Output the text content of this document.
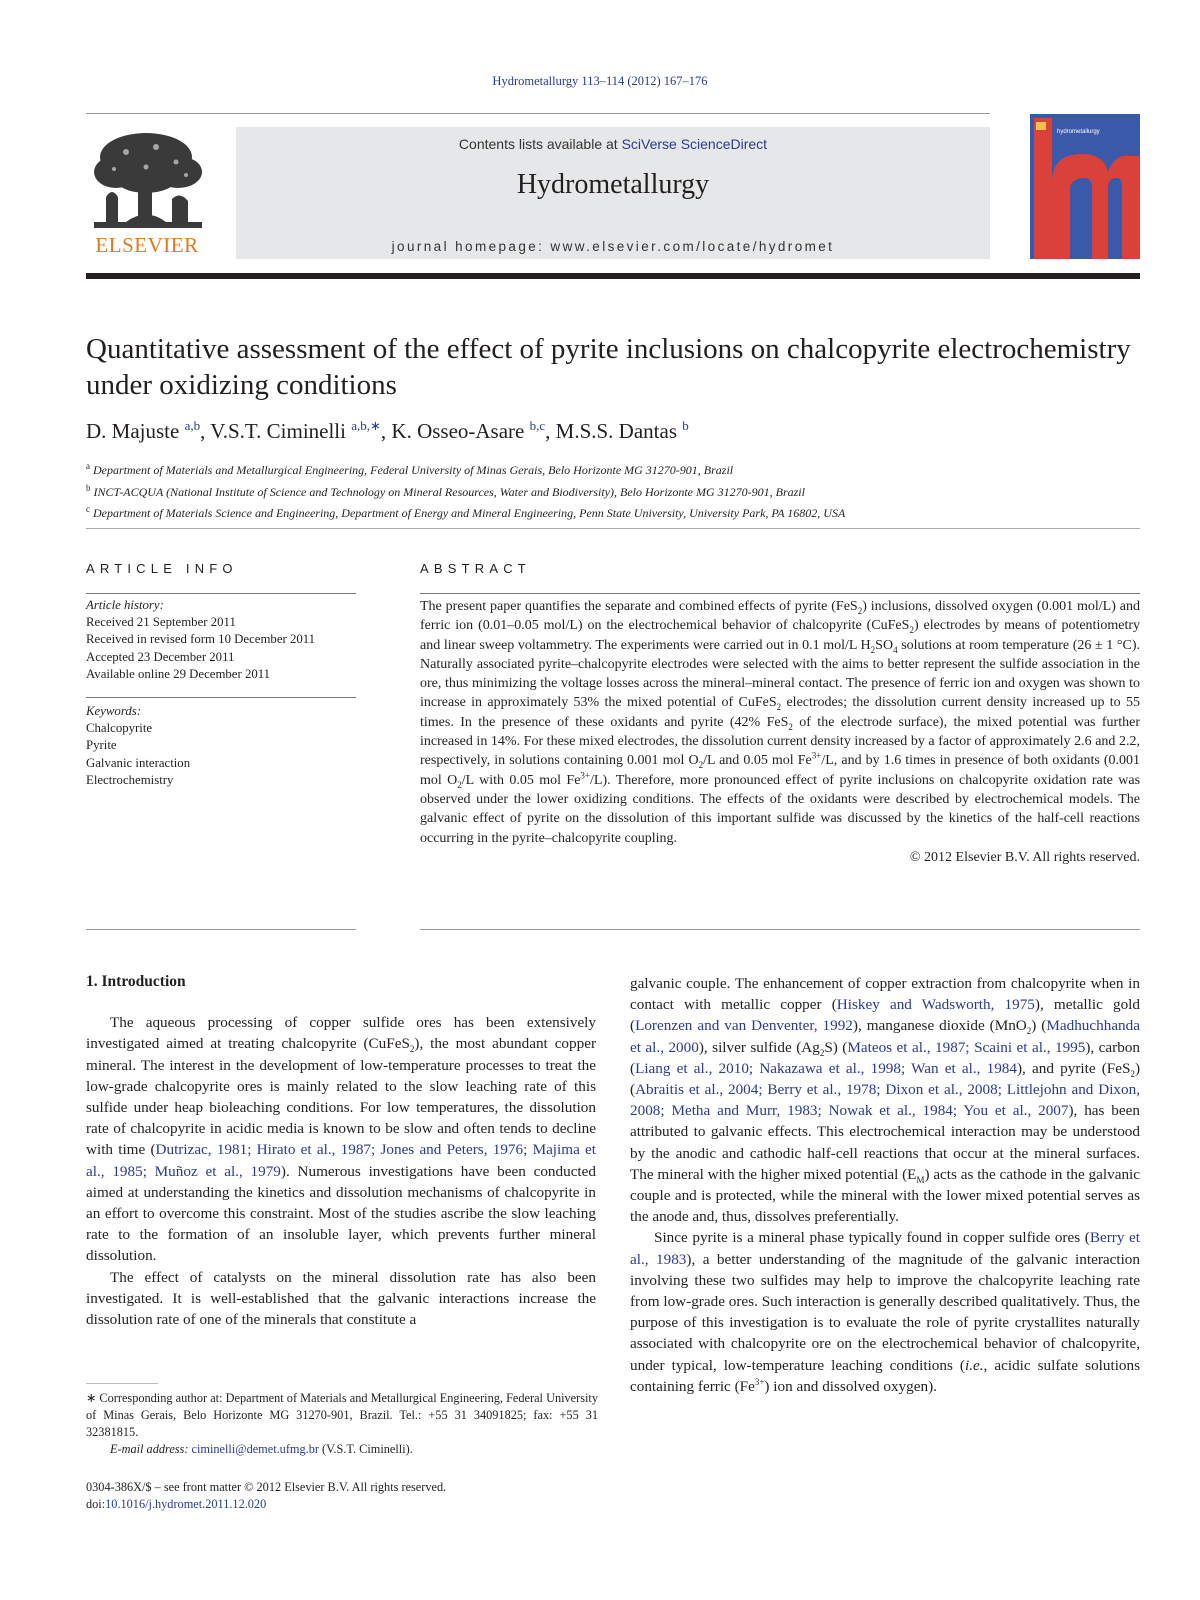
Hydrometallurgy 113–114 (2012) 167–176
ELSEVIER
Contents lists available at SciVerse ScienceDirect
Hydrometallurgy
journal homepage: www.elsevier.com/locate/hydromet
hydrometallurgy
Quantitative assessment of the effect of pyrite inclusions on chalcopyrite electrochemistry under oxidizing conditions
D. Majuste $^{a,b}$, V.S.T. Ciminelli $^{a,b,∗}$, K. Osseo-Asare $^{b,c}$, M.S.S. Dantas $^b$
$^a$ Department of Materials and Metallurgical Engineering, Federal University of Minas Gerais, Belo Horizonte MG 31270-901, Brazil
$^b$ INCT-ACQUA (National Institute of Science and Technology on Mineral Resources, Water and Biodiversity), Belo Horizonte MG 31270-901, Brazil
$^c$ Department of Materials Science and Engineering, Department of Energy and Mineral Engineering, Penn State University, University Park, PA 16802, USA
ARTICLE INFO	ABSTRACT
Article history:
Received 21 September 2011
Received in revised form 10 December 2011
Accepted 23 December 2011
Available online 29 December 2011
Keywords:
Chalcopyrite
Pyrite
Galvanic interaction
Electrochemistry
The present paper quantifies the separate and combined effects of pyrite (FeS$_2$) inclusions, dissolved oxygen (0.001 mol/L) and ferric ion (0.01–0.05 mol/L) on the electrochemical behavior of chalcopyrite (CuFeS$_2$) electrodes by means of potentiometry and linear sweep voltammetry. The experiments were carried out in 0.1 mol/L $H_2SO_4$ solutions at room temperature (26 ± 1 °C). Naturally associated pyrite–chalcopyrite electrodes were selected with the aims to better represent the sulfide association in the ore, thus minimizing the voltage losses across the mineral–mineral contact. The presence of ferric ion and oxygen was shown to increase in approximately 53% the mixed potential of CuFeS$_2$ electrodes; the dissolution current density increased up to 55 times. In the presence of these oxidants and pyrite (42% FeS$_2$ of the electrode surface), the mixed potential was further increased in 14%. For these mixed electrodes, the dissolution current density increased by a factor of approximately 2.6 and 2.2, respectively, in solutions containing 0.001 mol $O_2/L$ and 0.05 mol $Fe^{3+}/L$, and by 1.6 times in presence of both oxidants (0.001 mol $O_2/L$ with 0.05 mol $Fe^{3+}/L$). Therefore, more pronounced effect of pyrite inclusions on chalcopyrite oxidation rate was observed under the lower oxidizing conditions. The effects of the oxidants were described by electrochemical models. The galvanic effect of pyrite on the dissolution of this important sulfide was discussed by the kinetics of the half-cell reactions occurring in the pyrite–chalcopyrite coupling.
© 2012 Elsevier B.V. All rights reserved.
1. Introduction

The aqueous processing of copper sulfide ores has been extensively investigated aimed at treating chalcopyrite (CuFeS$_2$), the most abundant copper mineral. The interest in the development of low-temperature processes to treat the low-grade chalcopyrite ores is mainly related to the slow leaching rate of this sulfide under heap bioleaching conditions. For low temperatures, the dissolution rate of chalcopyrite in acidic media is known to be slow and often tends to decline with time (Dutrizac, 1981; Hirato et al., 1987; Jones and Peters, 1976; Majima et al., 1985; Muñoz et al., 1979). Numerous investigations have been conducted aimed at understanding the kinetics and dissolution mechanisms of chalcopyrite in an effort to overcome this constraint. Most of the studies ascribe the slow leaching rate to the formation of an insoluble layer, which prevents further mineral dissolution.

The effect of catalysts on the mineral dissolution rate has also been investigated. It is well-established that the galvanic interactions increase the dissolution rate of one of the minerals that constitute a

galvanic couple. The enhancement of copper extraction from chalcopyrite when in contact with metallic copper (Hiskey and Wadsworth, 1975), metallic gold (Lorenzen and van Denventer, 1992), manganese dioxide (MnO$_2$) (Madhuchhanda et al., 2000), silver sulfide $(Ag_2S)$ (Mateos et al., 1987; Scaini et al., 1995), carbon (Liang et al., 2010; Nakazawa et al., 1998; Wan et al., 1984), and pyrite (FeS$_2$) (Abraitis et al., 2004; Berry et al., 1978; Dixon et al., 2008; Littlejohn and Dixon, 2008; Metha and Murr, 1983; Nowak et al., 1984; You et al., 2007), has been attributed to galvanic effects. This electrochemical interaction may be understood by the anodic and cathodic half-cell reactions that occur at the mineral surfaces. The mineral with the higher mixed potential $(E_M)$ acts as the cathode in the galvanic couple and is protected, while the mineral with the lower mixed potential serves as the anode and, thus, dissolves preferentially.

Since pyrite is a mineral phase typically found in copper sulfide ores (Berry et al., 1983), a better understanding of the magnitude of the galvanic interaction involving these two sulfides may help to improve the chalcopyrite leaching rate from low-grade ores. Such interaction is generally described qualitatively. Thus, the purpose of this investigation is to evaluate the role of pyrite crystallites naturally associated with chalcopyrite ore on the electrochemical behavior of chalcopyrite, under typical, low-temperature leaching conditions (i.e., acidic sulfate solutions containing ferric $(Fe^{3+})$ ion and dissolved oxygen).

∗ Corresponding author at: Department of Materials and Metallurgical Engineering, Federal University of Minas Gerais, Belo Horizonte MG 31270-901, Brazil. Tel.: +55 31 34091825; fax: +55 31 32381815.
E-mail address: ciminelli@demet.ufmg.br (V.S.T. Ciminelli).
0304-386X/$ – see front matter © 2012 Elsevier B.V. All rights reserved.
doi:10.1016/j.hydromet.2011.12.020
